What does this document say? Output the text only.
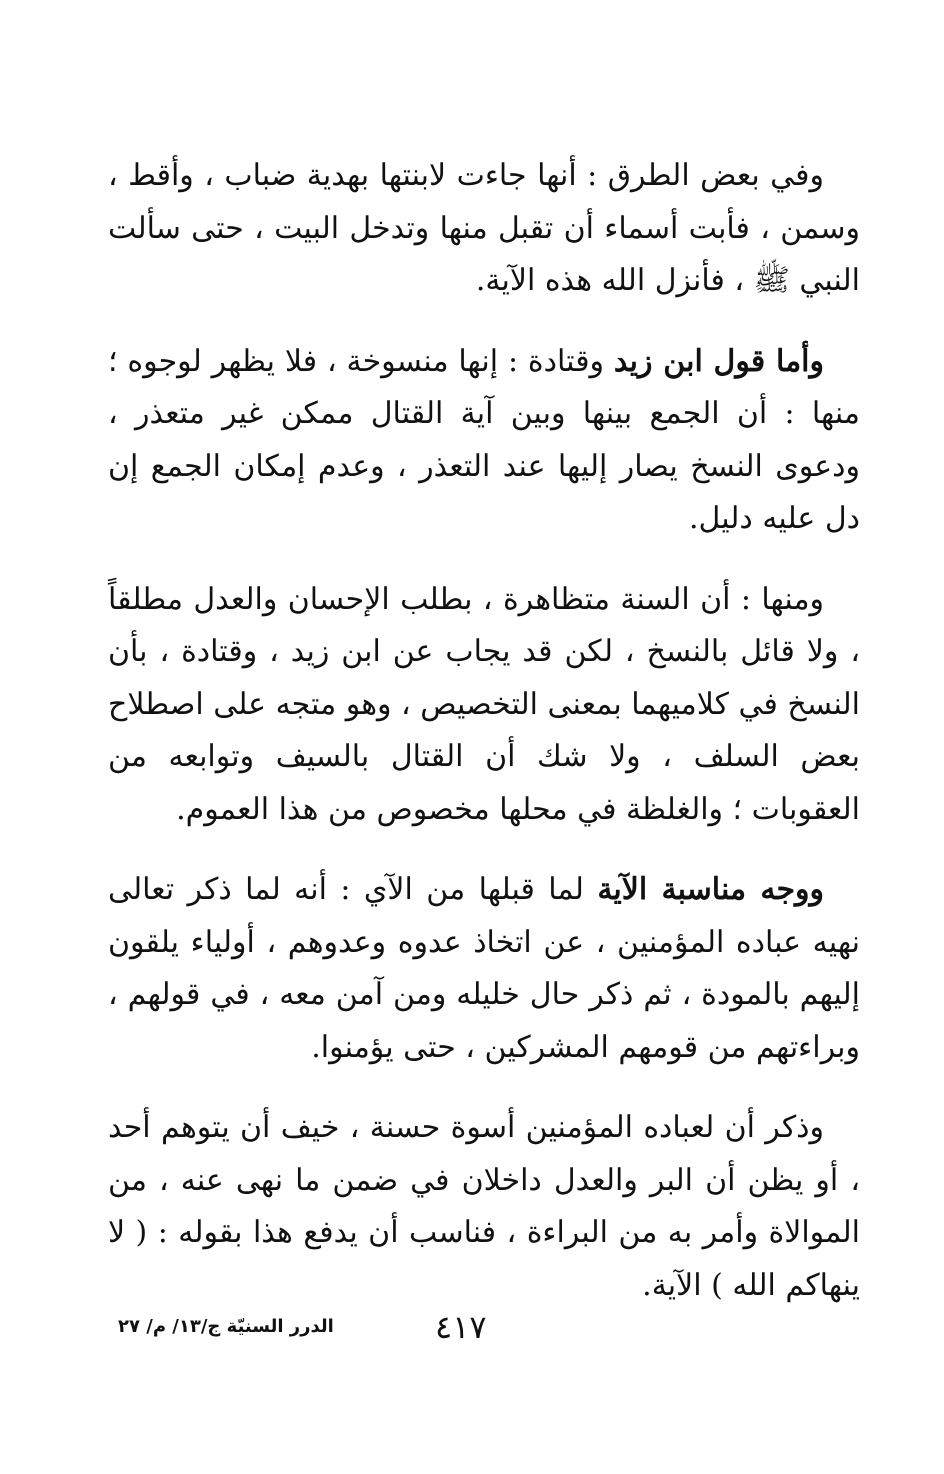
وفي بعض الطرق : أنها جاءت لابنتها بهدية ضباب ، وأقط ، وسمن ، فأبت أسماء أن تقبل منها وتدخل البيت ، حتى سألت النبي ﷺ ، فأنزل الله هذه الآية.

وأما قول ابن زيد وقتادة : إنها منسوخة ، فلا يظهر لوجوه ؛ منها : أن الجمع بينها وبين آية القتال ممكن غير متعذر ، ودعوى النسخ يصار إليها عند التعذر ، وعدم إمكان الجمع إن دل عليه دليل.

ومنها : أن السنة متظاهرة ، بطلب الإحسان والعدل مطلقاً ، ولا قائل بالنسخ ، لكن قد يجاب عن ابن زيد ، وقتادة ، بأن النسخ في كلاميهما بمعنى التخصيص ، وهو متجه على اصطلاح بعض السلف ، ولا شك أن القتال بالسيف وتوابعه من العقوبات ؛ والغلظة في محلها مخصوص من هذا العموم.

ووجه مناسبة الآية لما قبلها من الآي : أنه لما ذكر تعالى نهيه عباده المؤمنين ، عن اتخاذ عدوه وعدوهم ، أولياء يلقون إليهم بالمودة ، ثم ذكر حال خليله ومن آمن معه ، في قولهم ، وبراءتهم من قومهم المشركين ، حتى يؤمنوا.

وذكر أن لعباده المؤمنين أسوة حسنة ، خيف أن يتوهم أحد ، أو يظن أن البر والعدل داخلان في ضمن ما نهى عنه ، من الموالاة وأمر به من البراءة ، فناسب أن يدفع هذا بقوله : ( لا ينهاكم الله ) الآية.

٤١٧
الدرر السنيّة ج/١٣/ م/ ٢٧
